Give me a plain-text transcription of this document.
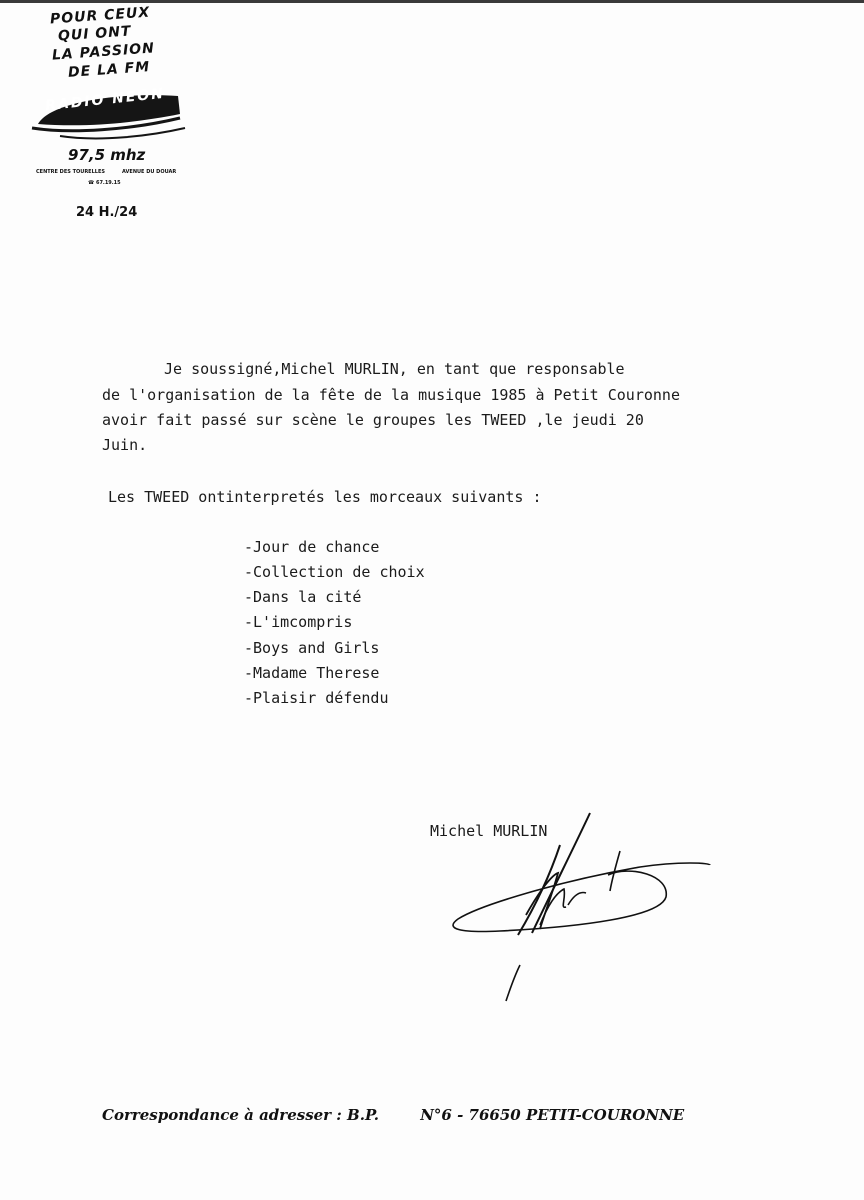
POUR CEUX
QUI ONT
LA PASSION
DE LA FM
RADIO NEON
97,5 mhz
CENTRE DES TOURELLES	AVENUE DU DOUAR
☎ 67.19.15
24 H./24
Je soussigné,Michel MURLIN, en tant que responsable
de l'organisation de la fête de la musique 1985 à Petit Couronne
avoir fait passé sur scène le groupes les TWEED ,le jeudi 20
Juin.
Les TWEED ontinterpretés les morceaux suivants :
-Jour de chance
-Collection de choix
-Dans la cité
-L'imcompris
-Boys and Girls
-Madame Therese
-Plaisir défendu
Michel MURLIN
Correspondance à adresser : B.P.	N°6 - 76650 PETIT-COURONNE
